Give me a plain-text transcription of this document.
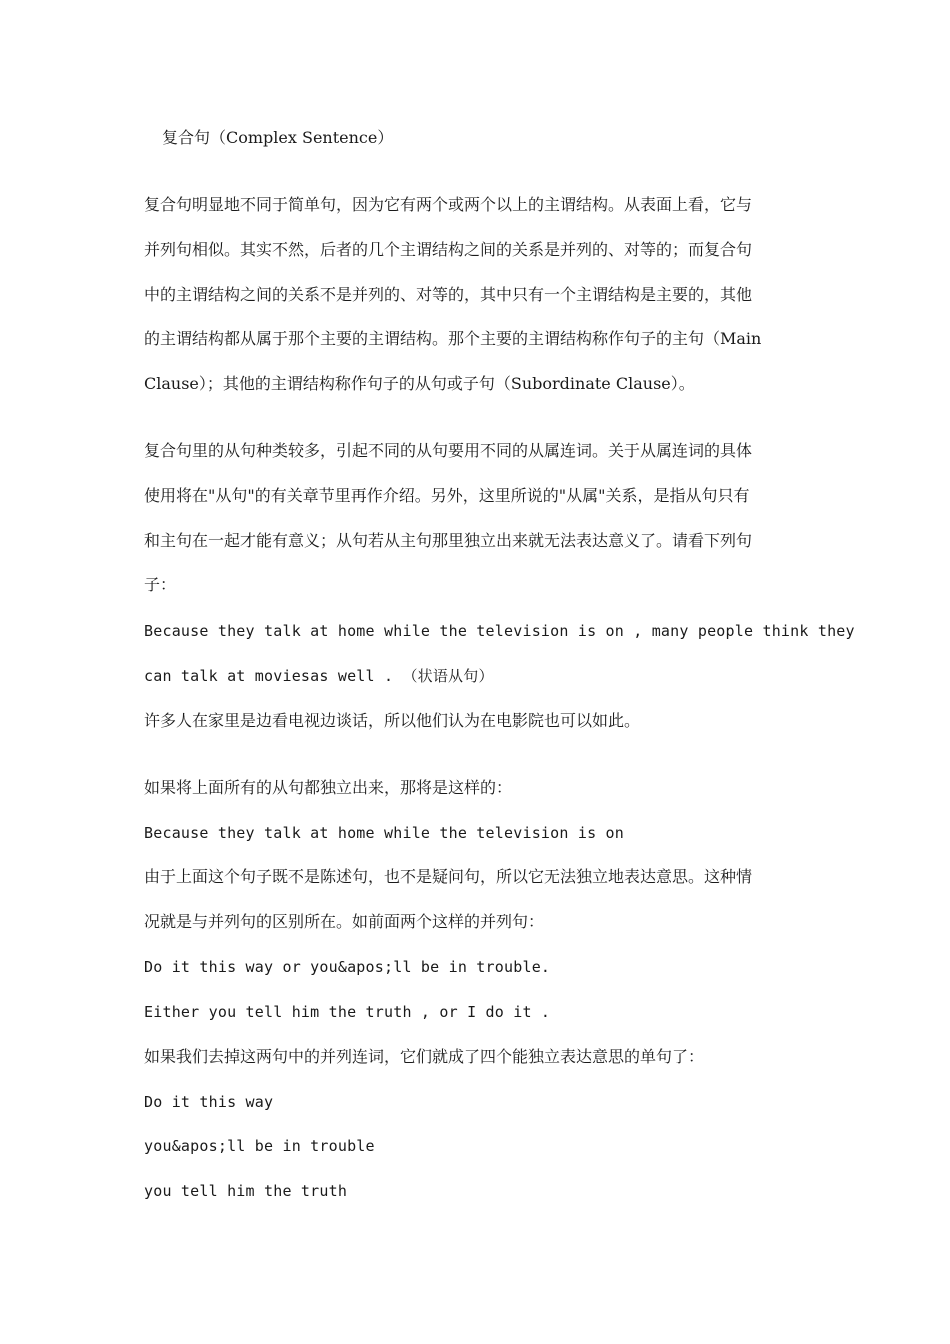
复合句（Complex Sentence）
复合句明显地不同于简单句，因为它有两个或两个以上的主谓结构。从表面上看，它与
并列句相似。其实不然，后者的几个主谓结构之间的关系是并列的、对等的；而复合句
中的主谓结构之间的关系不是并列的、对等的，其中只有一个主谓结构是主要的，其他
的主谓结构都从属于那个主要的主谓结构。那个主要的主谓结构称作句子的主句（Main
Clause）；其他的主谓结构称作句子的从句或子句（Subordinate Clause）。
复合句里的从句种类较多，引起不同的从句要用不同的从属连词。关于从属连词的具体
使用将在"从句"的有关章节里再作介绍。另外，这里所说的"从属"关系，是指从句只有
和主句在一起才能有意义；从句若从主句那里独立出来就无法表达意义了。请看下列句
子：
Because they talk at home while the television is on , many people think they
can talk at moviesas well . （状语从句）
许多人在家里是边看电视边谈话，所以他们认为在电影院也可以如此。
如果将上面所有的从句都独立出来，那将是这样的：
Because they talk at home while the television is on
由于上面这个句子既不是陈述句，也不是疑问句，所以它无法独立地表达意思。这种情
况就是与并列句的区别所在。如前面两个这样的并列句：
Do it this way or you&apos;ll be in trouble.
Either you tell him the truth , or I do it .
如果我们去掉这两句中的并列连词，它们就成了四个能独立表达意思的单句了：
Do it this way
you&apos;ll be in trouble
you tell him the truth
